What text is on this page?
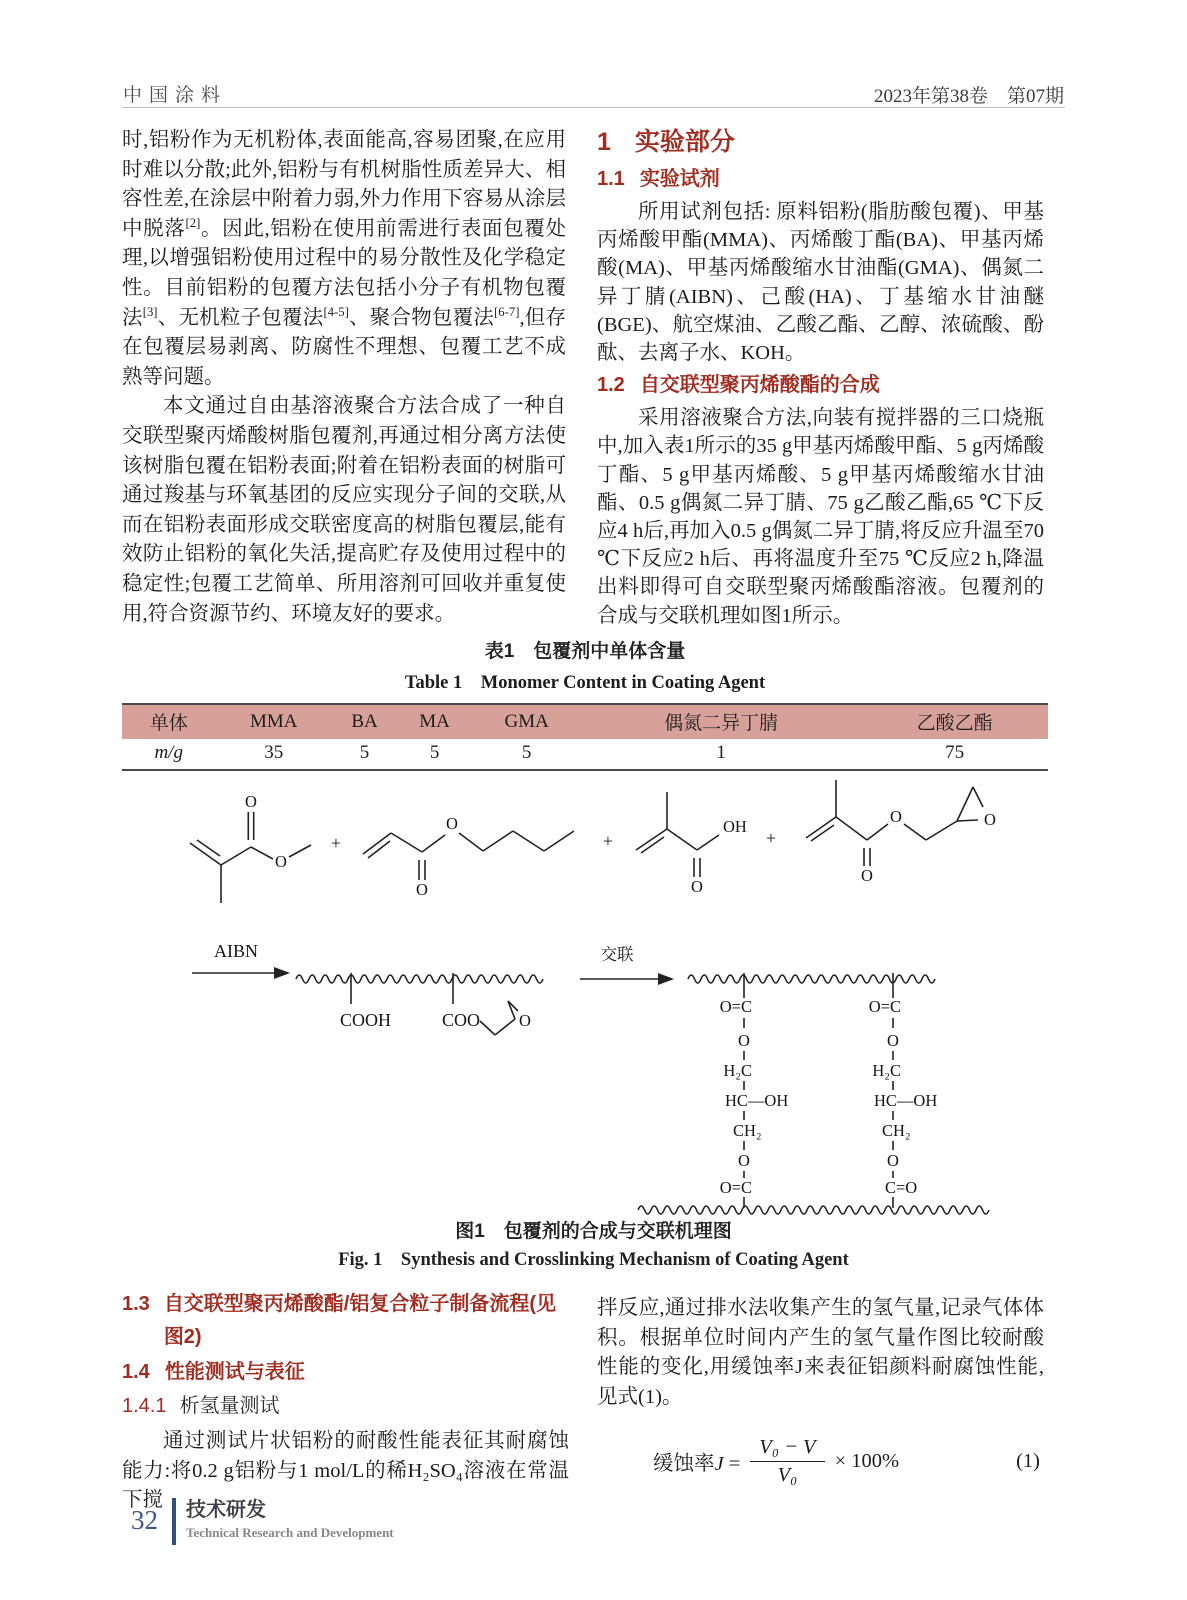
中国涂料	2023年第38卷　第07期

时,铝粉作为无机粉体,表面能高,容易团聚,在应用时难以分散;此外,铝粉与有机树脂性质差异大、相容性差,在涂层中附着力弱,外力作用下容易从涂层中脱落[2]。因此,铝粉在使用前需进行表面包覆处理,以增强铝粉使用过程中的易分散性及化学稳定性。目前铝粉的包覆方法包括小分子有机物包覆法[3]、无机粒子包覆法[4-5]、聚合物包覆法[6-7],但存在包覆层易剥离、防腐性不理想、包覆工艺不成熟等问题。

本文通过自由基溶液聚合方法合成了一种自交联型聚丙烯酸树脂包覆剂,再通过相分离方法使该树脂包覆在铝粉表面;附着在铝粉表面的树脂可通过羧基与环氧基团的反应实现分子间的交联,从而在铝粉表面形成交联密度高的树脂包覆层,能有效防止铝粉的氧化失活,提高贮存及使用过程中的稳定性;包覆工艺简单、所用溶剂可回收并重复使用,符合资源节约、环境友好的要求。

1 实验部分
1.1 实验试剂

所用试剂包括: 原料铝粉(脂肪酸包覆)、甲基丙烯酸甲酯(MMA)、丙烯酸丁酯(BA)、甲基丙烯酸(MA)、甲基丙烯酸缩水甘油酯(GMA)、偶氮二异丁腈(AIBN)、己酸(HA)、丁基缩水甘油醚(BGE)、航空煤油、乙酸乙酯、乙醇、浓硫酸、酚酞、去离子水、KOH。

1.2 自交联型聚丙烯酸酯的合成

采用溶液聚合方法,向装有搅拌器的三口烧瓶中,加入表1所示的35 g甲基丙烯酸甲酯、5 g丙烯酸丁酯、5 g甲基丙烯酸、5 g甲基丙烯酸缩水甘油酯、0.5 g偶氮二异丁腈、75 g乙酸乙酯,65 ℃下反应4 h后,再加入0.5 g偶氮二异丁腈,将反应升温至70 ℃下反应2 h后、再将温度升至75 ℃反应2 h,降温出料即得可自交联型聚丙烯酸酯溶液。包覆剂的合成与交联机理如图1所示。

表1　包覆剂中单体含量
Table 1　Monomer Content in Coating Agent
单体	MMA	BA	MA	GMA	偶氮二异丁腈	乙酸乙酯
m/g	35	5	5	5	1	75
O
O
+
O
O
+
O
OH
+
O
O	O
AIBN
COOH	COO O
交联
O=C
O
H₂C
HC—OH
CH₂
O
O=C
O=C
O
H₂C
HC—OH
CH₂
O
C=O
图1　包覆剂的合成与交联机理图
Fig. 1　Synthesis and Crosslinking Mechanism of Coating Agent
1.3 自交联型聚丙烯酸酯/铝复合粒子制备流程(见图2)
1.4 性能测试与表征
1.4.1 析氢量测试

通过测试片状铝粉的耐酸性能表征其耐腐蚀能力:将0.2 g铝粉与1 mol/L的稀H₂SO₄溶液在常温下搅

拌反应,通过排水法收集产生的氢气量,记录气体体积。根据单位时间内产生的氢气量作图比较耐酸性能的变化,用缓蚀率J来表征铝颜料耐腐蚀性能,见式(1)。

缓蚀率$J = \frac{\text{V₀ − V}}{\text{V₀}} \times 100\%$	(1)
32 技术研发
Technical Research and Development
